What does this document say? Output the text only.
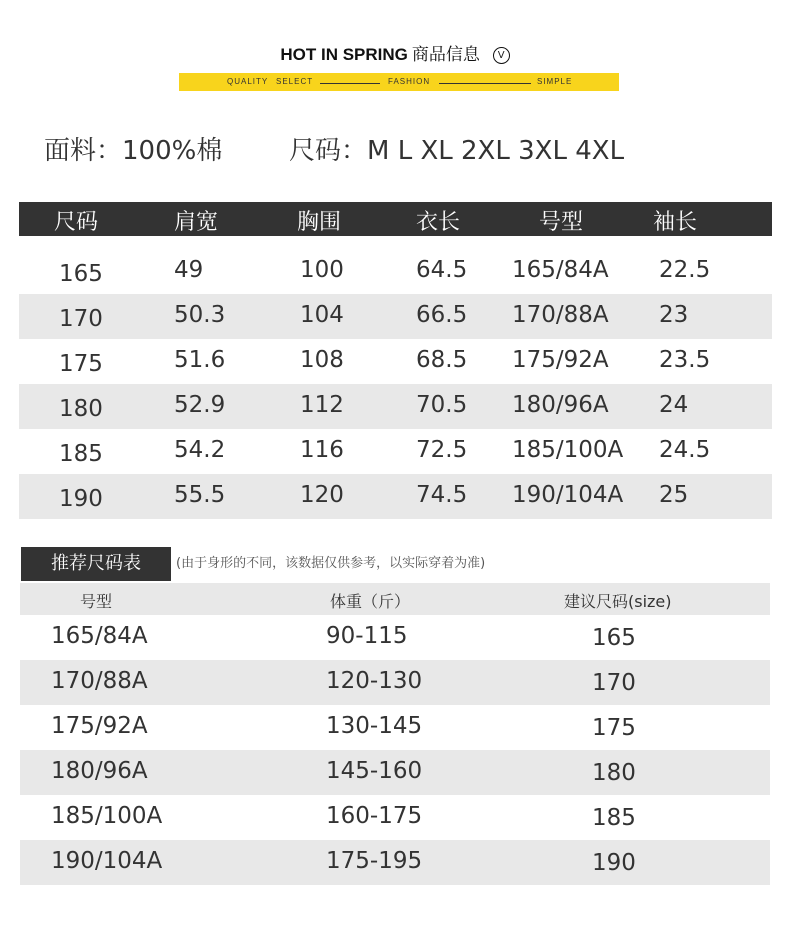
HOT IN SPRING 商品信息 V
QUALITY SELECT	FASHION	SIMPLE
面料：100%棉	尺码：M L XL 2XL 3XL 4XL
尺码	肩宽	胸围	衣长	号型	袖长
165	49	100	64.5 165/84A 22.5
170	50.3	104	66.5 170/88A 23
175	51.6	108	68.5 175/92A 23.5
180	52.9	112	70.5 180/96A 24
185	54.2	116	72.5 185/100A 24.5
190	55.5	120	74.5 190/104A 25
推荐尺码表	(由于身形的不同，该数据仅供参考，以实际穿着为准)
号型	体重（斤）	建议尺码(size)
165/84A	90-115	165
170/88A	120-130	170
175/92A	130-145	175
180/96A	145-160	180
185/100A	160-175	185
190/104A	175-195	190
